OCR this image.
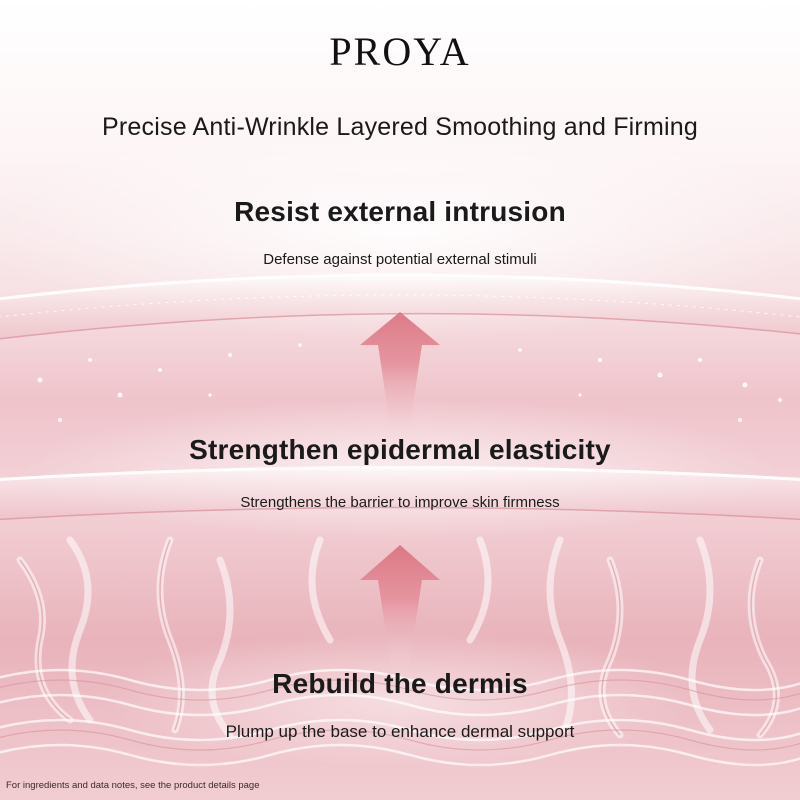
PROYA
Precise Anti-Wrinkle Layered Smoothing and Firming
Resist external intrusion
Defense against potential external stimuli
Strengthen epidermal elasticity
Strengthens the barrier to improve skin firmness
Rebuild the dermis
Plump up the base to enhance dermal support
For ingredients and data notes, see the product details page
